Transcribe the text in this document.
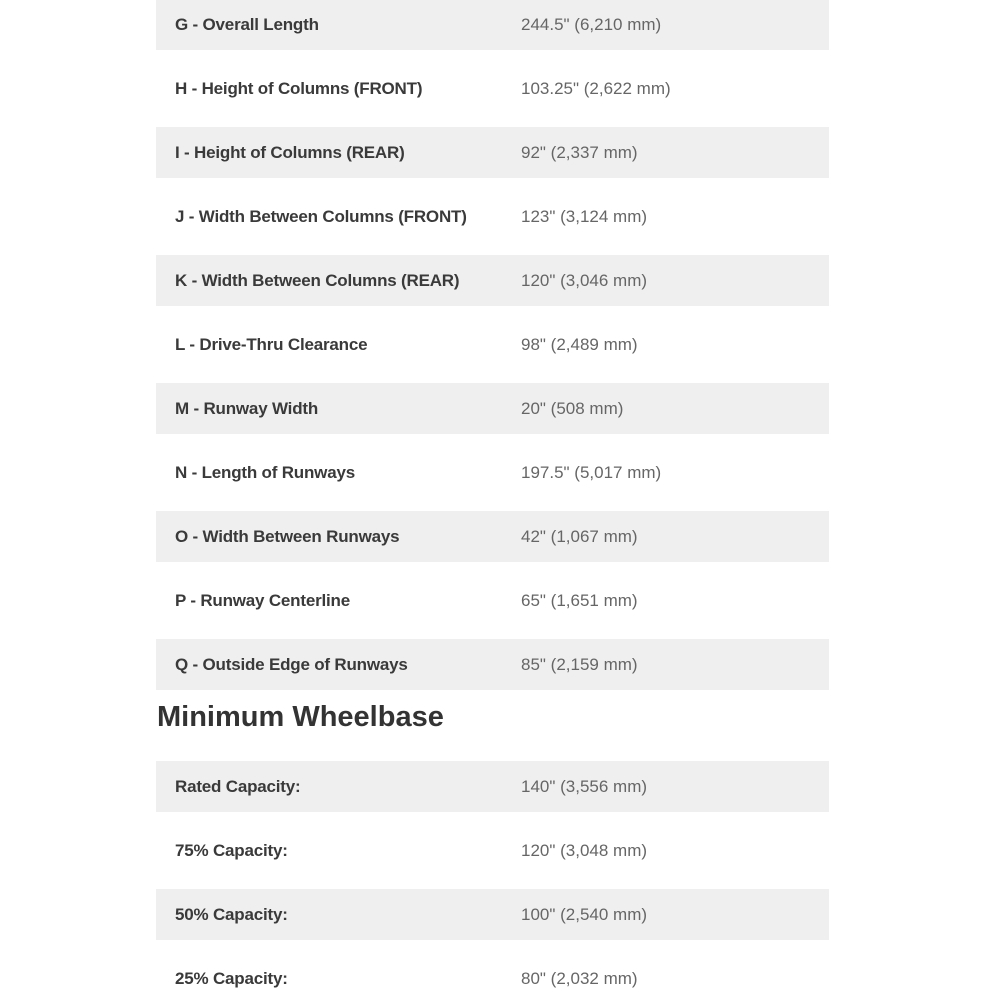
G - Overall Length	244.5" (6,210 mm)

H - Height of Columns (FRONT)	103.25" (2,622 mm)

I - Height of Columns (REAR)	92" (2,337 mm)

J - Width Between Columns (FRONT)	123" (3,124 mm)

K - Width Between Columns (REAR)	120" (3,046 mm)

L - Drive-Thru Clearance	98" (2,489 mm)

M - Runway Width	20" (508 mm)

N - Length of Runways	197.5" (5,017 mm)

O - Width Between Runways	42" (1,067 mm)

P - Runway Centerline	65" (1,651 mm)

Q - Outside Edge of Runways	85" (2,159 mm)
Minimum Wheelbase
Rated Capacity:	140" (3,556 mm)

75% Capacity:	120" (3,048 mm)

50% Capacity:	100" (2,540 mm)

25% Capacity:	80" (2,032 mm)
